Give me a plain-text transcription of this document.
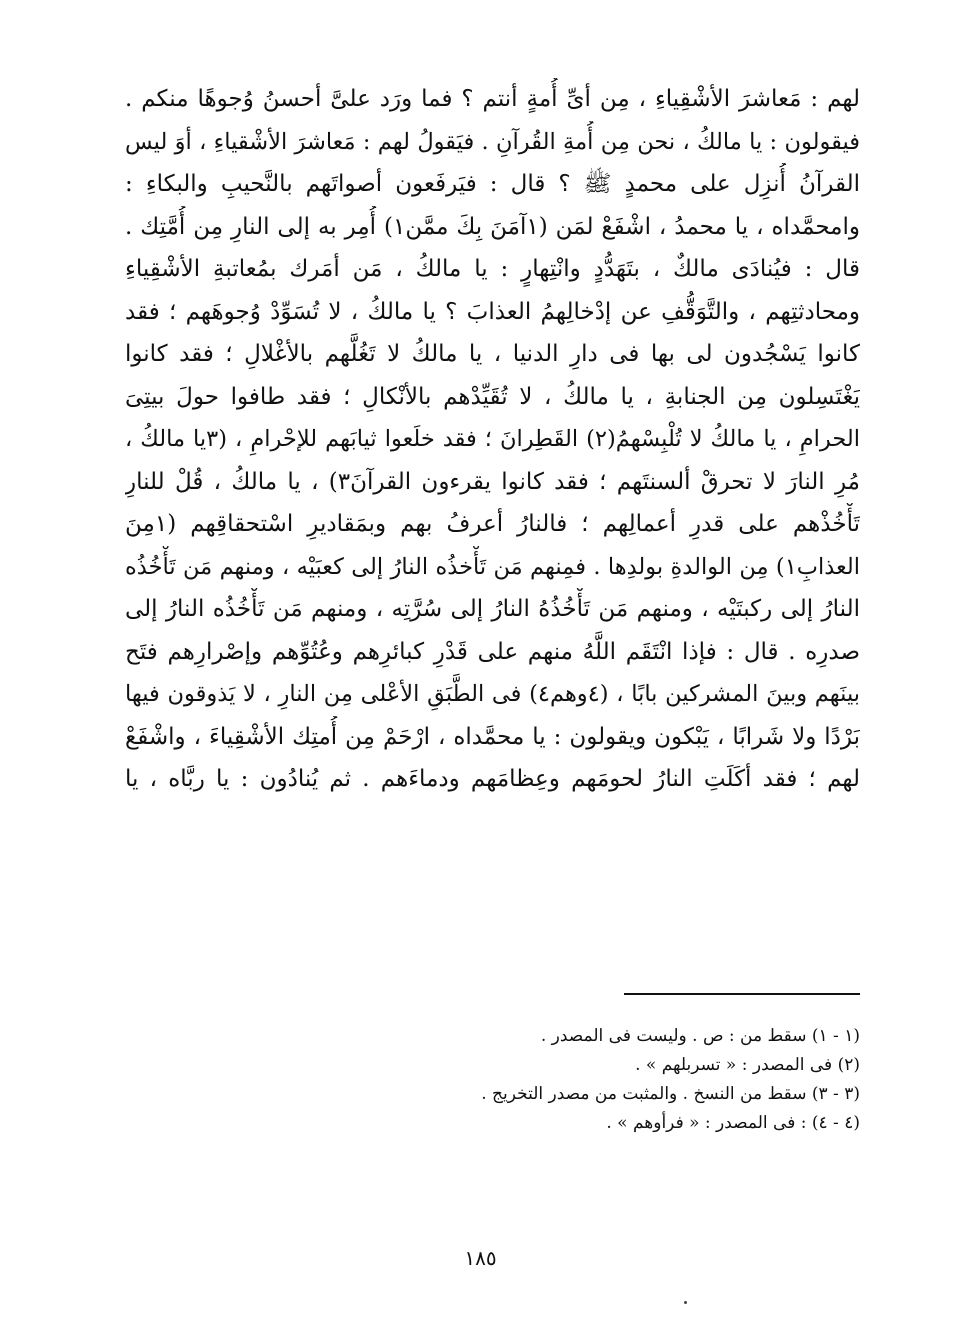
لهم : مَعاشرَ الأشْقِياءِ ، مِن أىِّ أُمةٍ أنتم ؟ فما ورَد علىَّ أحسنُ وُجوهًا منكم .
فيقولون : يا مالكُ ، نحن مِن أُمةِ القُرآنِ . فيَقولُ لهم : مَعاشرَ الأشْقياءِ ، أوَ ليس
القرآنُ أُنزِل على محمدٍ ﷺ ؟ قال : فيَرفَعون أصواتَهم بالنَّحيبِ والبكاءِ :
وامحمَّداه ، يا محمدُ ، اشْفَعْ لمَن (١آمَنَ بِكَ ممَّن١) أُمِر به إلى النارِ مِن أُمَّتِك .
قال : فيُنادَى مالكٌ ، بتَهَدُّدٍ وانْتِهارٍ : يا مالكُ ، مَن أمَرك بمُعاتبةِ الأشْقِياءِ
ومحادثتِهم ، والتَّوَقُّفِ عن إدْخالِهمُ العذابَ ؟ يا مالكُ ، لا تُسَوِّدْ وُجوهَهم ؛ فقد
كانوا يَسْجُدون لى بها فى دارِ الدنيا ، يا مالكُ لا تَغُلَّهم بالأغْلالِ ؛ فقد كانوا
يَغْتَسِلون مِن الجنابةِ ، يا مالكُ ، لا تُقَيِّدْهم بالأنْكالِ ؛ فقد طافوا حولَ بيتِىَ
الحرامِ ، يا مالكُ لا تُلْبِسْهمُ(٢) القَطِرانَ ؛ فقد خلَعوا ثيابَهم للإحْرامِ ، (٣يا مالكُ ،
مُرِ النارَ لا تحرقْ ألسنتَهم ؛ فقد كانوا يقرءون القرآنَ٣) ، يا مالكُ ، قُلْ للنارِ
تَأْخُذْهم على قدرِ أعمالِهم ؛ فالنارُ أعرفُ بهم وبمَقاديرِ اسْتحقاقِهم (١مِنَ
العذابِ١) مِن الوالدةِ بولدِها . فمِنهم مَن تَأْخذُه النارُ إلى كعبَيْه ، ومنهم مَن تَأْخُذُه
النارُ إلى ركبتَيْه ، ومنهم مَن تَأْخُذُهُ النارُ إلى سُرَّتِه ، ومنهم مَن تَأْخُذُه النارُ إلى
صدرِه . قال : فإذا انْتَقَم اللَّهُ منهم على قَدْرِ كبائرِهم وعُتُوِّهم وإصْرارِهم فتَح
بينَهم وبينَ المشركين بابًا ، (٤وهم٤) فى الطَّبَقِ الأعْلى مِن النارِ ، لا يَذوقون فيها
بَرْدًا ولا شَرابًا ، يَبْكون ويقولون : يا محمَّداه ، ارْحَمْ مِن أُمتِك الأشْقِياءَ ، واشْفَعْ
لهم ؛ فقد أكَلَتِ النارُ لحومَهم وعِظامَهم ودماءَهم . ثم يُنادُون : يا ربَّاه ، يا
(١ - ١) سقط من : ص . وليست فى المصدر .
(٢) فى المصدر : « تسربلهم » .
(٣ - ٣) سقط من النسخ . والمثبت من مصدر التخريج .
(٤ - ٤) : فى المصدر : « فرأوهم » .
١٨٥
